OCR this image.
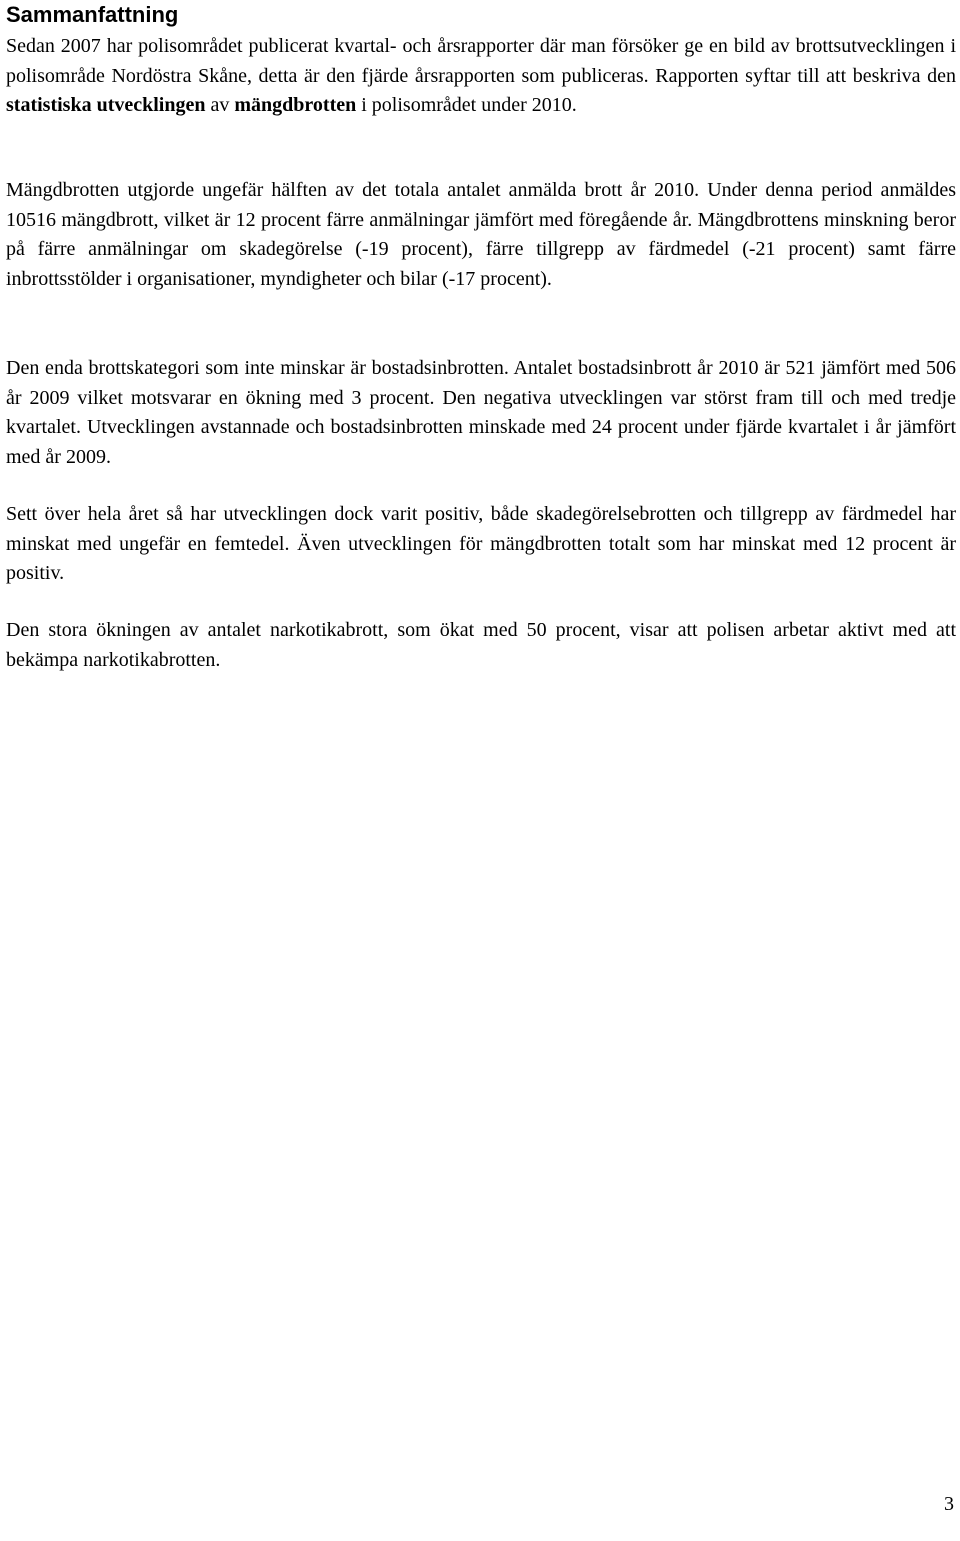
Sammanfattning

Sedan 2007 har polisområdet publicerat kvartal- och årsrapporter där man försöker ge en bild av brottsutvecklingen i polisområde Nordöstra Skåne, detta är den fjärde årsrapporten som publiceras. Rapporten syftar till att beskriva den statistiska utvecklingen av mängdbrotten i polisområdet under 2010.

Mängdbrotten utgjorde ungefär hälften av det totala antalet anmälda brott år 2010. Under denna period anmäldes 10516 mängdbrott, vilket är 12 procent färre anmälningar jämfört med föregående år. Mängdbrottens minskning beror på färre anmälningar om skadegörelse (-19 procent), färre tillgrepp av färdmedel (-21 procent) samt färre inbrottsstölder i organisationer, myndigheter och bilar (-17 procent).

Den enda brottskategori som inte minskar är bostadsinbrotten. Antalet bostadsinbrott år 2010 är 521 jämfört med 506 år 2009 vilket motsvarar en ökning med 3 procent. Den negativa utvecklingen var störst fram till och med tredje kvartalet. Utvecklingen avstannade och bostadsinbrotten minskade med 24 procent under fjärde kvartalet i år jämfört med år 2009.

Sett över hela året så har utvecklingen dock varit positiv, både skadegörelsebrotten och tillgrepp av färdmedel har minskat med ungefär en femtedel. Även utvecklingen för mängdbrotten totalt som har minskat med 12 procent är positiv.

Den stora ökningen av antalet narkotikabrott, som ökat med 50 procent, visar att polisen arbetar aktivt med att bekämpa narkotikabrotten.

3
